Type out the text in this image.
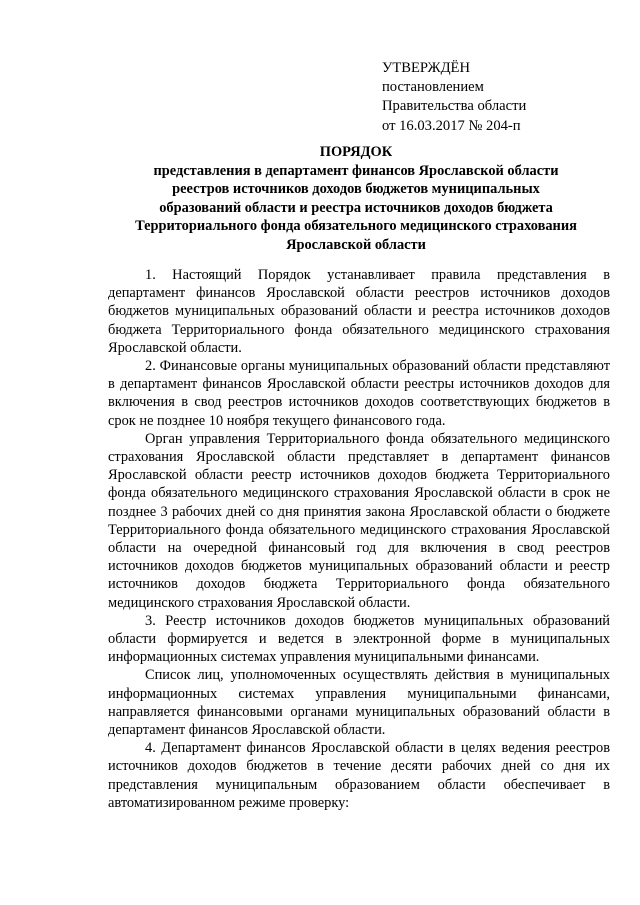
УТВЕРЖДЁН
постановлением
Правительства области
от 16.03.2017 № 204-п
ПОРЯДОК
представления в департамент финансов Ярославской области
реестров источников доходов бюджетов муниципальных
образований области и реестра источников доходов бюджета
Территориального фонда обязательного медицинского страхования
Ярославской области

1. Настоящий Порядок устанавливает правила представления в департамент финансов Ярославской области реестров источников доходов бюджетов муниципальных образований области и реестра источников доходов бюджета Территориального фонда обязательного медицинского страхования Ярославской области.

2. Финансовые органы муниципальных образований области представляют в департамент финансов Ярославской области реестры источников доходов для включения в свод реестров источников доходов соответствующих бюджетов в срок не позднее 10 ноября текущего финансового года.

Орган управления Территориального фонда обязательного медицинского страхования Ярославской области представляет в департамент финансов Ярославской области реестр источников доходов бюджета Территориального фонда обязательного медицинского страхования Ярославской области в срок не позднее 3 рабочих дней со дня принятия закона Ярославской области о бюджете Территориального фонда обязательного медицинского страхования Ярославской области на очередной финансовый год для включения в свод реестров источников доходов бюджетов муниципальных образований области и реестр источников доходов бюджета Территориального фонда обязательного медицинского страхования Ярославской области.

3. Реестр источников доходов бюджетов муниципальных образований области формируется и ведется в электронной форме в муниципальных информационных системах управления муниципальными финансами.

Список лиц, уполномоченных осуществлять действия в муниципальных информационных системах управления муниципальными финансами, направляется финансовыми органами муниципальных образований области в департамент финансов Ярославской области.

4. Департамент финансов Ярославской области в целях ведения реестров источников доходов бюджетов в течение десяти рабочих дней со дня их представления муниципальным образованием области обеспечивает в автоматизированном режиме проверку:
